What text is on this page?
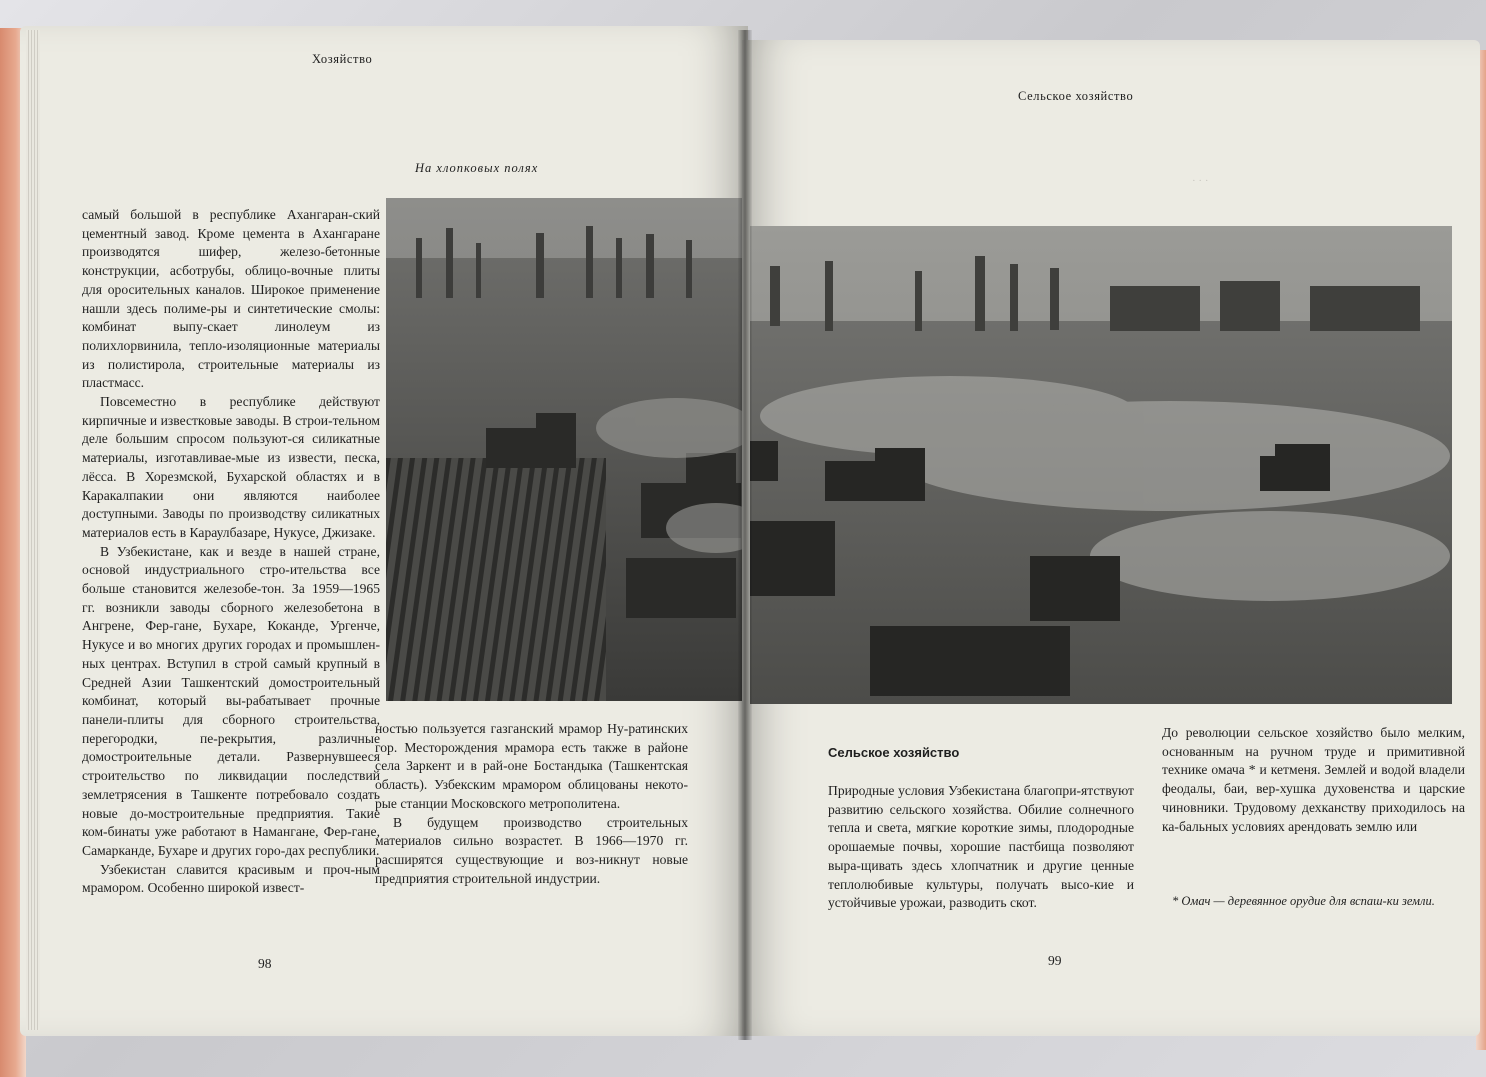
Хозяйство
На хлопковых полях

самый большой в республике Ахангаран-ский цементный завод. Кроме цемента в Ахангаране производятся шифер, железо-бетонные конструкции, асботрубы, облицо-вочные плиты для оросительных каналов. Широкое применение нашли здесь полиме-ры и синтетические смолы: комбинат выпу-скает линолеум из полихлорвинила, тепло-изоляционные материалы из полистирола, строительные материалы из пластмасс.

Повсеместно в республике действуют кирпичные и известковые заводы. В строи-тельном деле большим спросом пользуют-ся силикатные материалы, изготавливае-мые из извести, песка, лёсса. В Хорезмской, Бухарской областях и в Каракалпакии они являются наиболее доступными. Заводы по производству силикатных материалов есть в Караулбазаре, Нукусе, Джизаке.

В Узбекистане, как и везде в нашей стране, основой индустриального стро-ительства все больше становится железобе-тон. За 1959—1965 гг. возникли заводы сборного железобетона в Ангрене, Фер-гане, Бухаре, Коканде, Ургенче, Нукусе и во многих других городах и промышлен-ных центрах. Вступил в строй самый крупный в Средней Азии Ташкентский домостроительный комбинат, который вы-рабатывает прочные панели-плиты для сборного строительства, перегородки, пе-рекрытия, различные домостроительные детали. Развернувшееся строительство по ликвидации последствий землетрясения в Ташкенте потребовало создать новые до-мостроительные предприятия. Такие ком-бинаты уже работают в Намангане, Фер-гане, Самарканде, Бухаре и других горо-дах республики.

Узбекистан славится красивым и проч-ным мрамором. Особенно широкой извест-

ностью пользуется газганский мрамор Ну-ратинских гор. Месторождения мрамора есть также в районе села Заркент и в рай-оне Бостандыка (Ташкентская область). Узбекским мрамором облицованы некото-рые станции Московского метрополитена.

В будущем производство строительных материалов сильно возрастет. В 1966—1970 гг. расширятся существующие и воз-никнут новые предприятия строительной индустрии.

98
Сельское хозяйство
· · ·
Сельское хозяйство

Природные условия Узбекистана благопри-ятствуют развитию сельского хозяйства. Обилие солнечного тепла и света, мягкие короткие зимы, плодородные орошаемые почвы, хорошие пастбища позволяют выра-щивать здесь хлопчатник и другие ценные теплолюбивые культуры, получать высо-кие и устойчивые урожаи, разводить скот.

До революции сельское хозяйство было мелким, основанным на ручном труде и примитивной технике омача * и кетменя. Землей и водой владели феодалы, баи, вер-хушка духовенства и царские чиновники. Трудовому дехканству приходилось на ка-бальных условиях арендовать землю или

* Омач — деревянное орудие для вспаш-ки земли.
99
